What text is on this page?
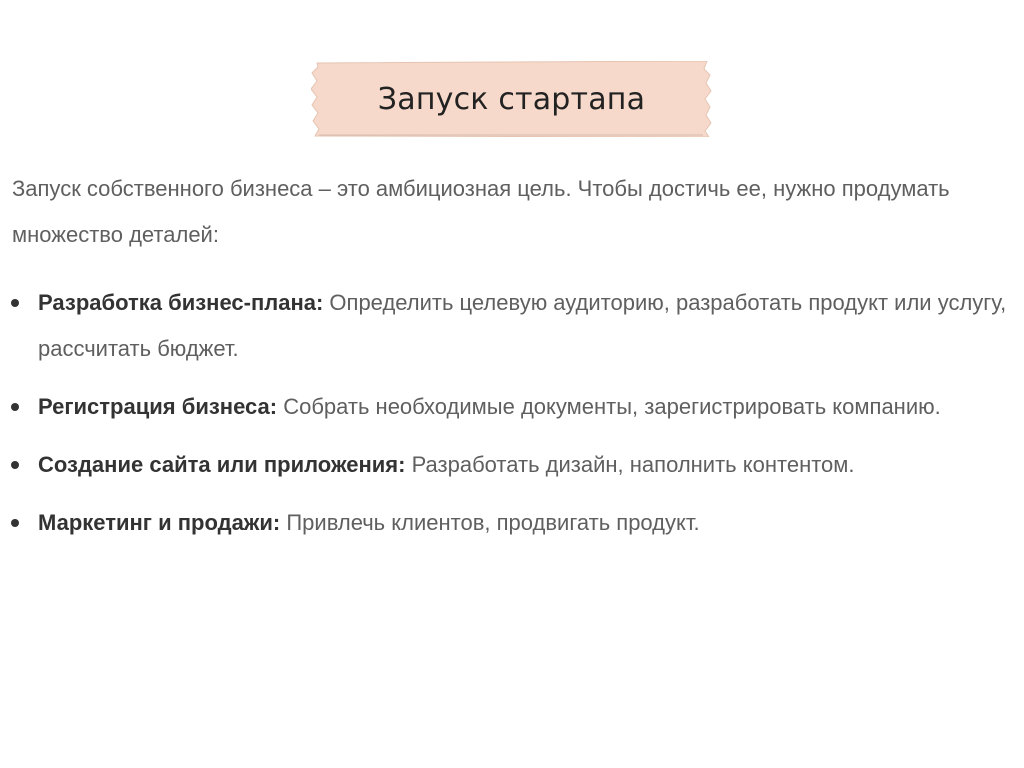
Запуск стартапа
Запуск собственного бизнеса – это амбициозная цель. Чтобы достичь ее, нужно продумать множество деталей:
Разработка бизнес-плана: Определить целевую аудиторию, разработать продукт или услугу, рассчитать бюджет.
Регистрация бизнеса: Собрать необходимые документы, зарегистрировать компанию.
Создание сайта или приложения: Разработать дизайн, наполнить контентом.
Маркетинг и продажи: Привлечь клиентов, продвигать продукт.
